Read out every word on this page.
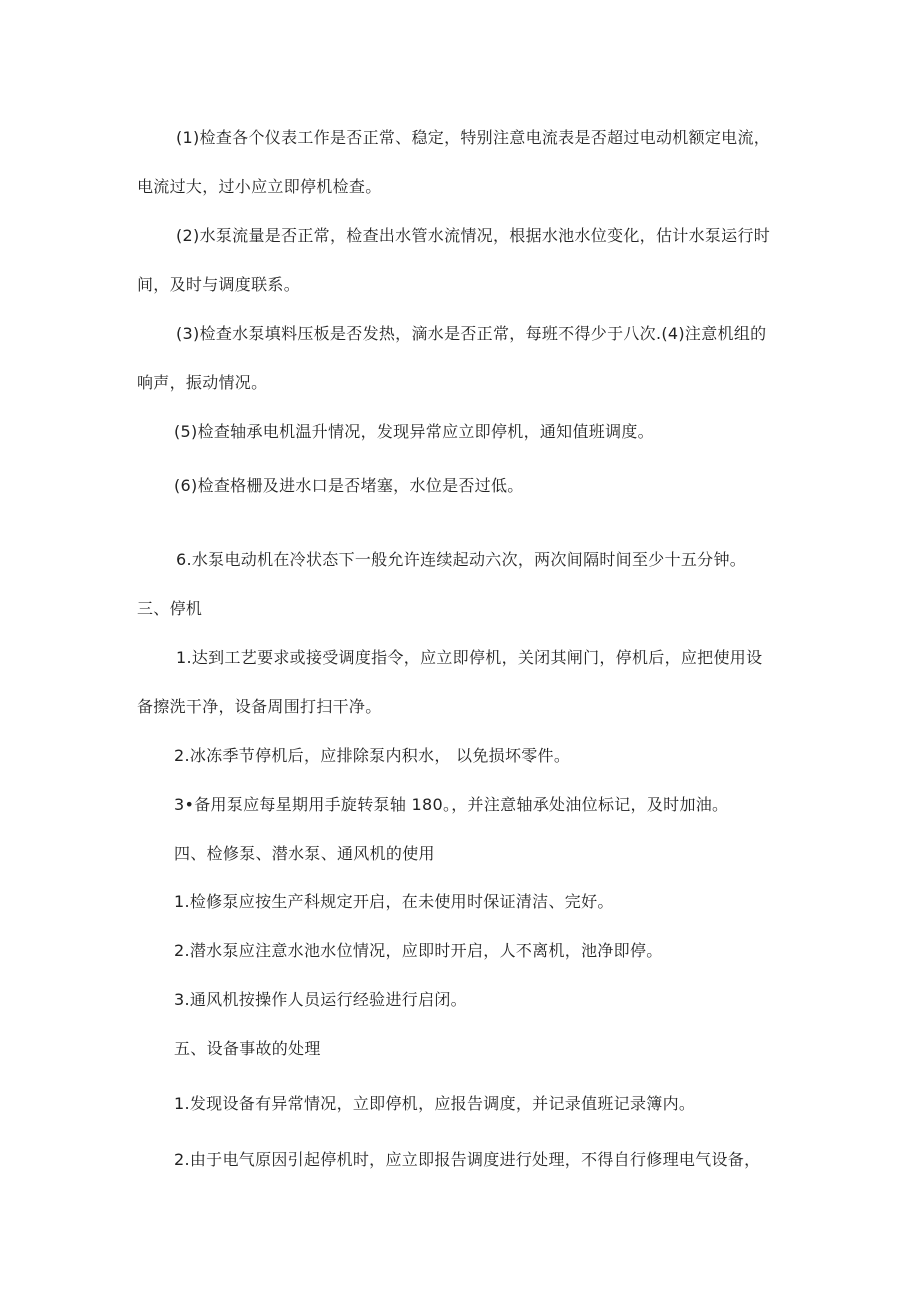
(1)检查各个仪表工作是否正常、稳定，特别注意电流表是否超过电动机额定电流，
电流过大，过小应立即停机检查。
(2)水泵流量是否正常，检查出水管水流情况，根据水池水位变化，估计水泵运行时
间，及时与调度联系。
(3)检查水泵填料压板是否发热，滴水是否正常，每班不得少于八次.(4)注意机组的
响声，振动情况。
(5)检查轴承电机温升情况，发现异常应立即停机，通知值班调度。
(6)检查格栅及进水口是否堵塞，水位是否过低。
6.水泵电动机在冷状态下一般允许连续起动六次，两次间隔时间至少十五分钟。
三、停机
1.达到工艺要求或接受调度指令，应立即停机，关闭其闸门，停机后，应把使用设
备擦洗干净，设备周围打扫干净。
2.冰冻季节停机后，应排除泵内积水， 以免损坏零件。
3•备用泵应每星期用手旋转泵轴 180。，并注意轴承处油位标记，及时加油。
四、检修泵、潜水泵、通风机的使用
1.检修泵应按生产科规定开启，在未使用时保证清洁、完好。
2.潜水泵应注意水池水位情况，应即时开启，人不离机，池净即停。
3.通风机按操作人员运行经验进行启闭。
五、设备事故的处理
1.发现设备有异常情况，立即停机，应报告调度，并记录值班记录簿内。
2.由于电气原因引起停机时，应立即报告调度进行处理，不得自行修理电气设备，
